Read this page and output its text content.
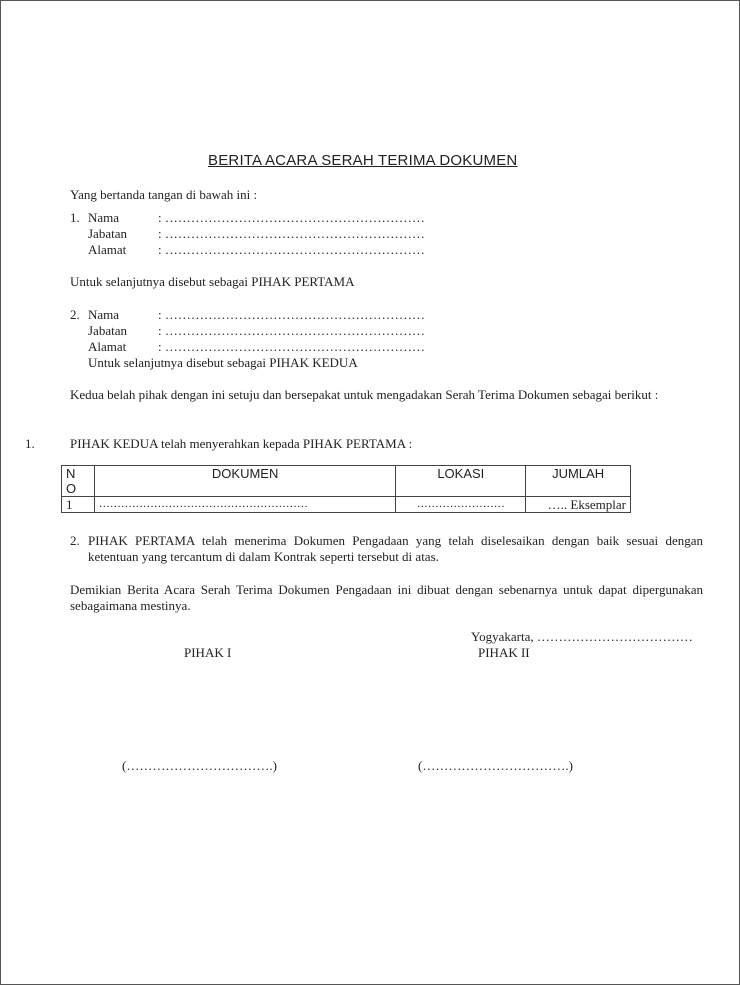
BERITA ACARA SERAH TERIMA DOKUMEN
Yang bertanda tangan di bawah ini :
1. Nama	: ……………………………………………………
Jabatan : ……………………………………………………
Alamat : ……………………………………………………
Untuk selanjutnya disebut sebagai PIHAK PERTAMA
2. Nama	: ……………………………………………………
Jabatan : ……………………………………………………
Alamat : ……………………………………………………
Untuk selanjutnya disebut sebagai PIHAK KEDUA
Kedua belah pihak dengan ini setuju dan bersepakat untuk mengadakan Serah Terima Dokumen sebagai berikut :
1.	PIHAK KEDUA telah menyerahkan kepada PIHAK PERTAMA :
N
O	DOKUMEN	LOKASI	JUMLAH
1	…………………………………………………	……………………	….. Eksemplar
2. PIHAK PERTAMA telah menerima Dokumen Pengadaan yang telah diselesaikan dengan baik sesuai dengan ketentuan yang tercantum di dalam Kontrak seperti tersebut di atas.
Demikian Berita Acara Serah Terima Dokumen Pengadaan ini dibuat dengan sebenarnya untuk dapat dipergunakan sebagaimana mestinya.
Yogyakarta, ………………………………
PIHAK I	PIHAK II
(…………………………….)	(…………………………….)
